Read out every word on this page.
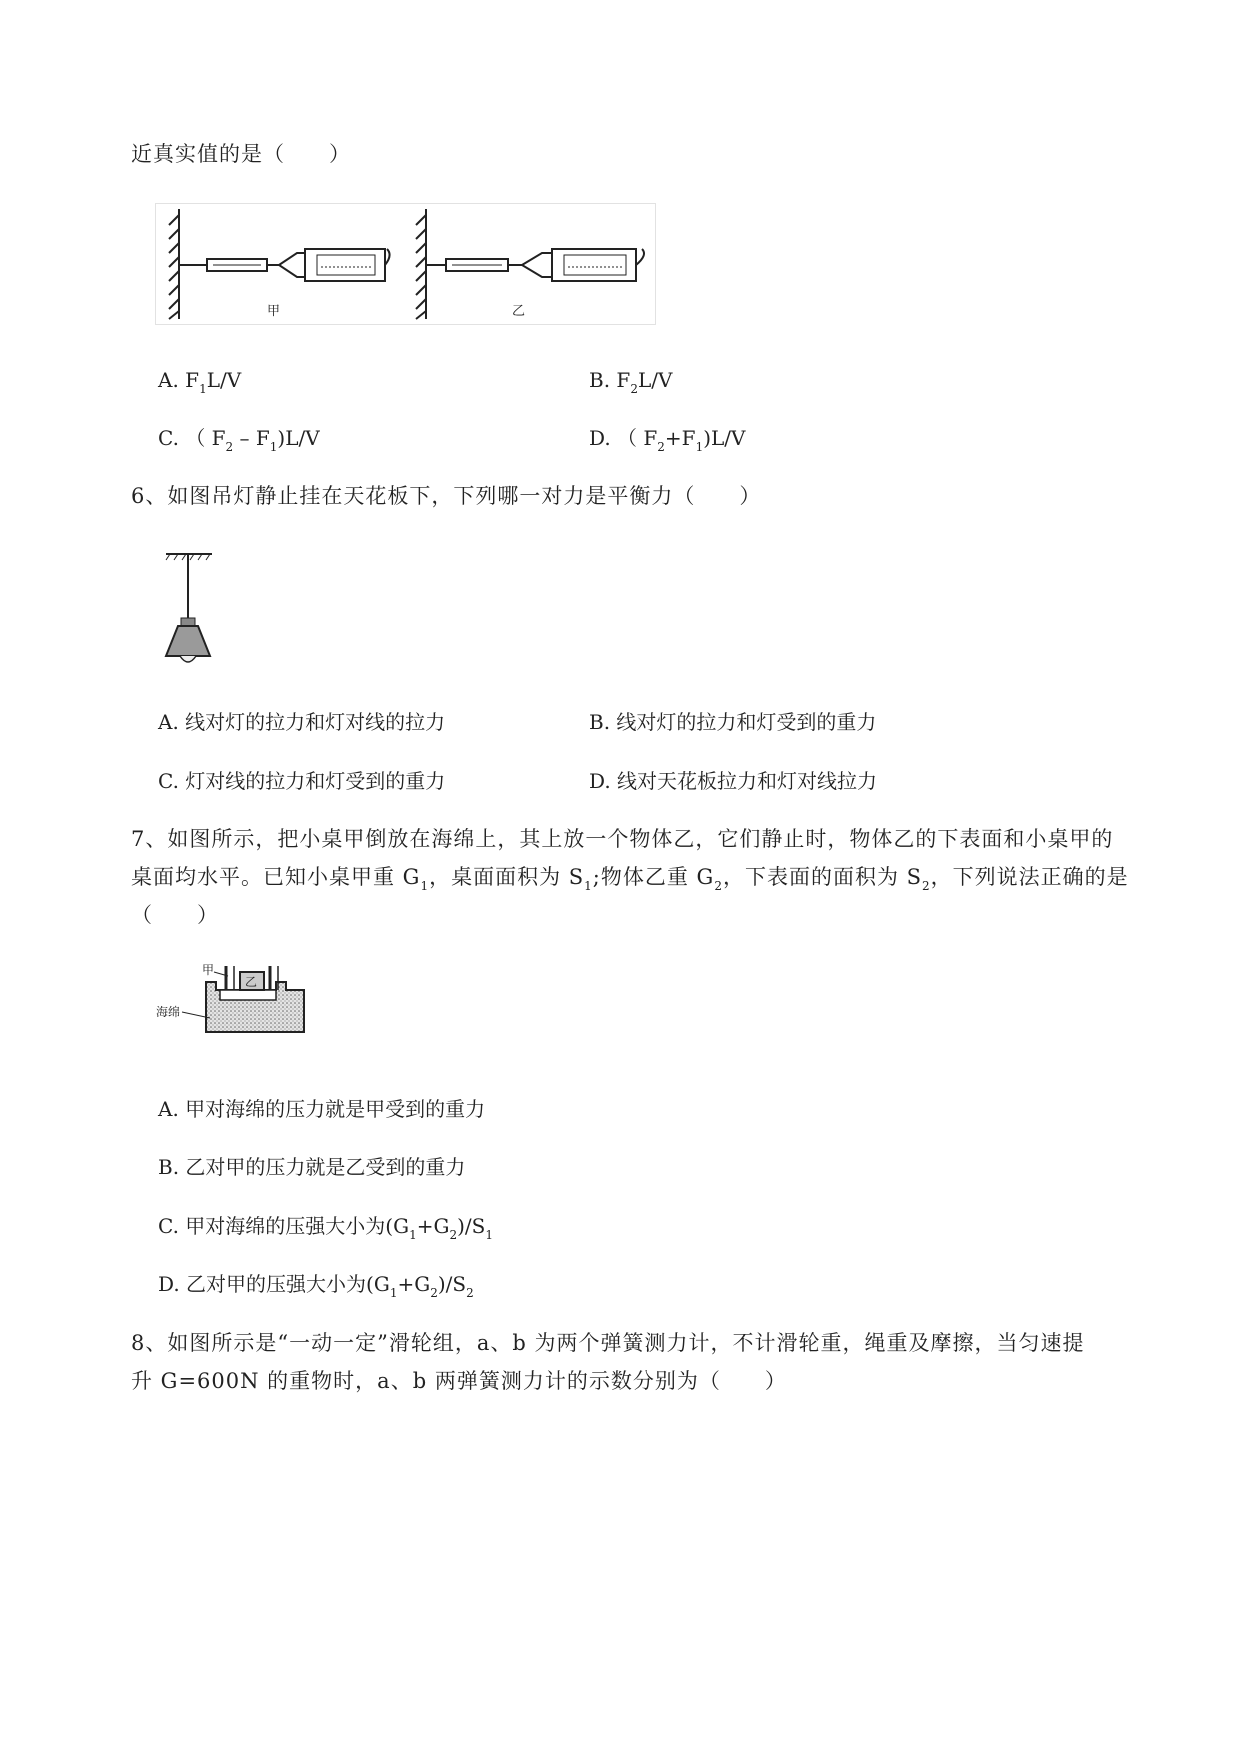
近真实值的是（　　）
甲	乙
A. $F_1L/V$	B. $F_2L/V$
C. （ $F_2 - F_1)L/V$	D. （ $F_2+F_1)L/V$
6、如图吊灯静止挂在天花板下，下列哪一对力是平衡力（　　）
A. 线对灯的拉力和灯对线的拉力	B. 线对灯的拉力和灯受到的重力
C. 灯对线的拉力和灯受到的重力	D. 线对天花板拉力和灯对线拉力
7、如图所示，把小桌甲倒放在海绵上，其上放一个物体乙，它们静止时，物体乙的下表面和小桌甲的
桌面均水平。已知小桌甲重 $G_1$，桌面面积为 $S_1$;物体乙重 $G_2$，下表面的面积为 $S_2$，下列说法正确的是
（　　）
乙
甲
海绵
A. 甲对海绵的压力就是甲受到的重力
B. 乙对甲的压力就是乙受到的重力
C. 甲对海绵的压强大小为$(G_1+G_2)/S_1$
D. 乙对甲的压强大小为$(G_1+G_2)/S_2$
8、如图所示是“一动一定”滑轮组，a、b 为两个弹簧测力计，不计滑轮重，绳重及摩擦，当匀速提
升 G=600N 的重物时，a、b 两弹簧测力计的示数分别为（　　）
